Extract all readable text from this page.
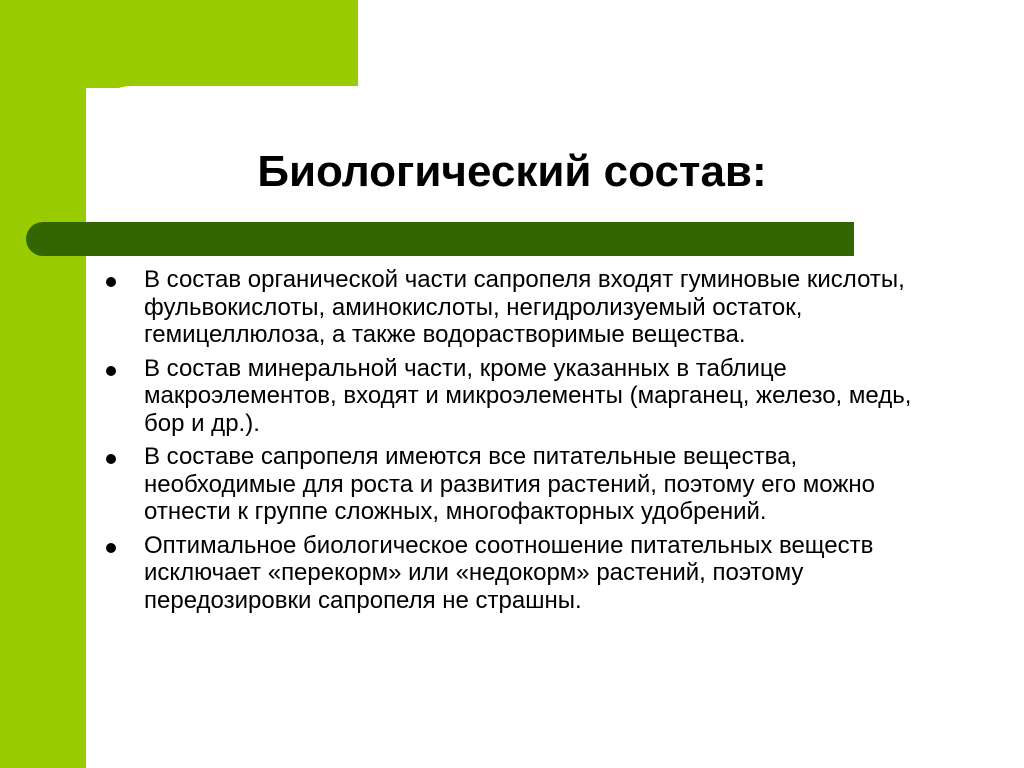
Биологический состав:
В состав органической части сапропеля входят гуминовые кислоты, фульвокислоты, аминокислоты, негидролизуемый остаток, гемицеллюлоза, а также водорастворимые вещества.
В состав минеральной части, кроме указанных в таблице макроэлементов, входят и микроэлементы (марганец, железо, медь, бор и др.).
В составе сапропеля имеются все питательные вещества, необходимые для роста и развития растений, поэтому его можно отнести к группе сложных, многофакторных удобрений.
Оптимальное биологическое соотношение питательных веществ исключает «перекорм» или «недокорм» растений, поэтому передозировки сапропеля не страшны.
